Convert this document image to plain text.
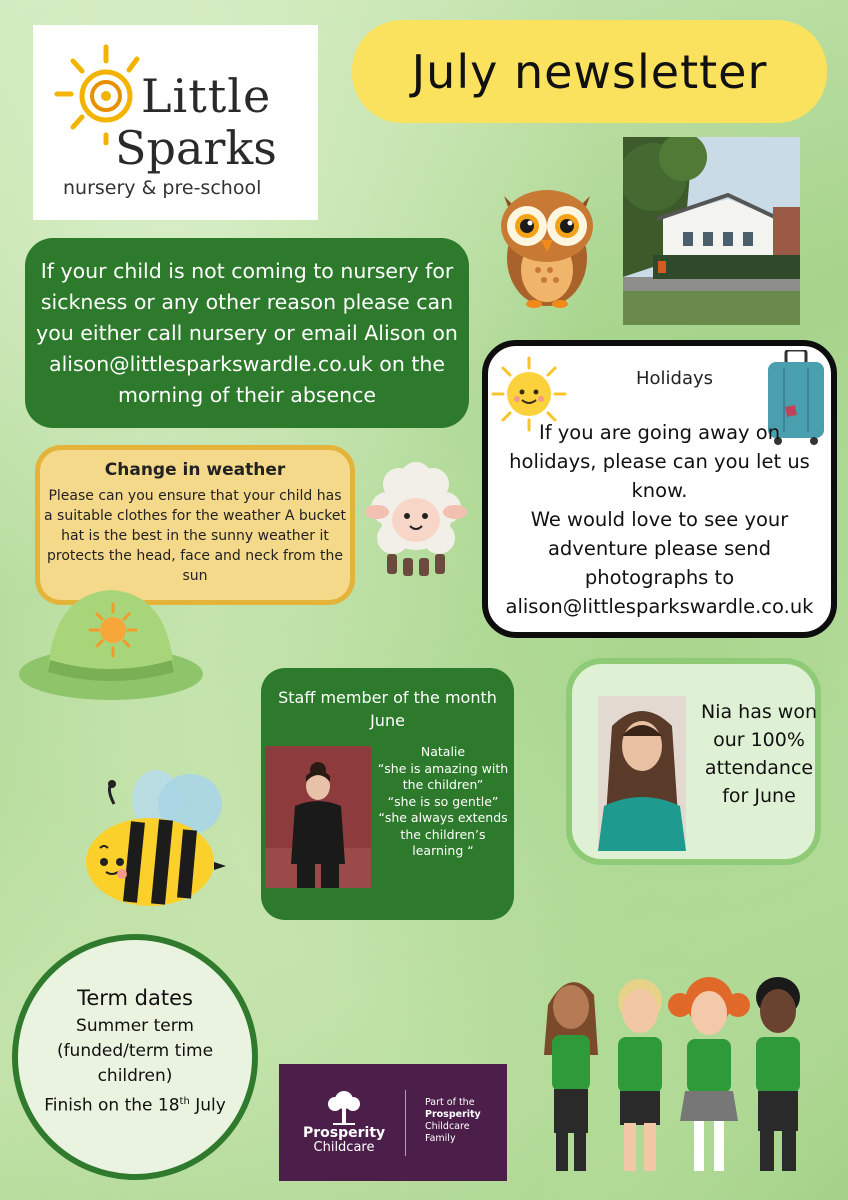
Little
Sparks
nursery & pre-school
July newsletter
If your child is not coming to nursery for sickness or any other reason please can you either call nursery or email Alison on alison@littlesparkswardle.co.uk on the morning of their absence
Holidays
If you are going away on holidays, please can you let us know.
We would love to see your adventure please send photographs to
alison@littlesparkswardle.co.uk
Change in weather
Please can you ensure that your child has a suitable clothes for the weather A bucket hat is the best in the sunny weather it protects the head, face and neck from the sun
Staff member of the month June
Natalie
“she is amazing with the children”
“she is so gentle”
“she always extends the children’s learning “
Nia has won our 100% attendance for June
Term dates
Summer term
(funded/term time children)
Finish on the 18th July
Prosperity
Childcare
Part of the
Prosperity
Childcare
Family
